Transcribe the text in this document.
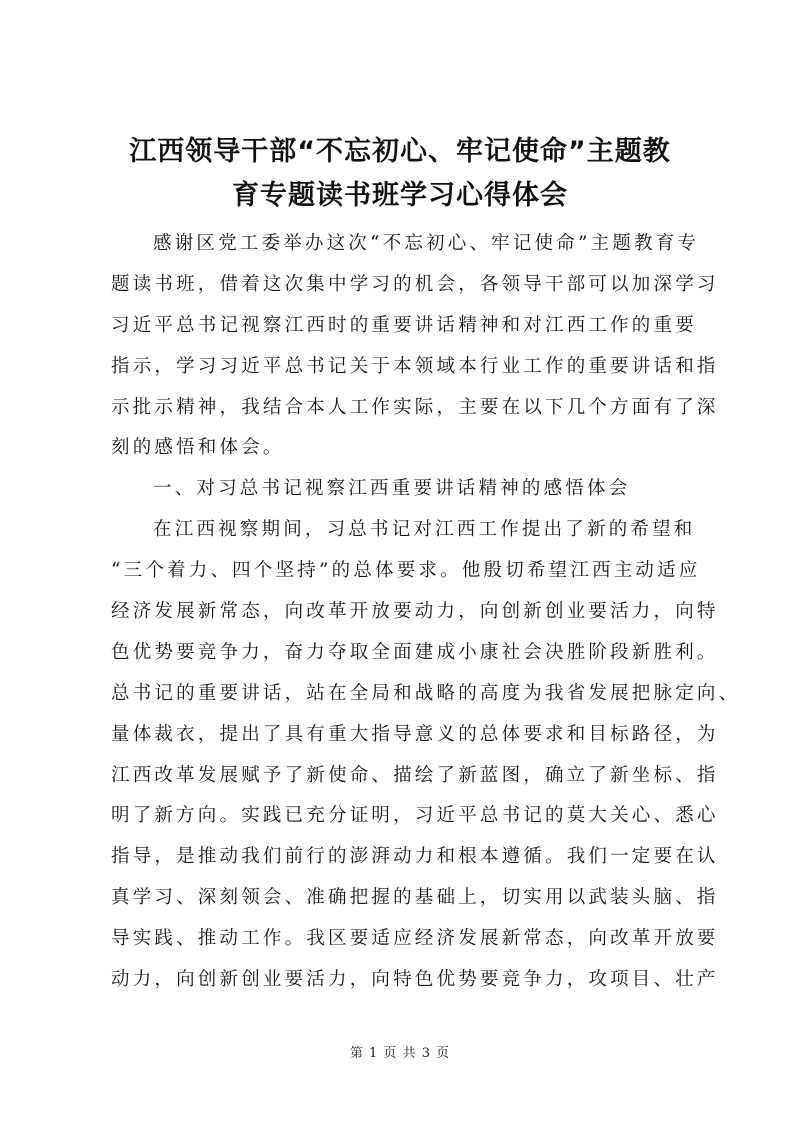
江西领导干部“不忘初心、牢记使命”主题教
育专题读书班学习心得体会
感谢区党工委举办这次“不忘初心、牢记使命”主题教育专
题读书班，借着这次集中学习的机会，各领导干部可以加深学习
习近平总书记视察江西时的重要讲话精神和对江西工作的重要
指示，学习习近平总书记关于本领域本行业工作的重要讲话和指
示批示精神，我结合本人工作实际，主要在以下几个方面有了深
刻的感悟和体会。
一、对习总书记视察江西重要讲话精神的感悟体会
在江西视察期间，习总书记对江西工作提出了新的希望和
“三个着力、四个坚持”的总体要求。他殷切希望江西主动适应
经济发展新常态，向改革开放要动力，向创新创业要活力，向特
色优势要竞争力，奋力夺取全面建成小康社会决胜阶段新胜利。
总书记的重要讲话，站在全局和战略的高度为我省发展把脉定向、
量体裁衣，提出了具有重大指导意义的总体要求和目标路径，为
江西改革发展赋予了新使命、描绘了新蓝图，确立了新坐标、指
明了新方向。实践已充分证明，习近平总书记的莫大关心、悉心
指导，是推动我们前行的澎湃动力和根本遵循。我们一定要在认
真学习、深刻领会、准确把握的基础上，切实用以武装头脑、指
导实践、推动工作。我区要适应经济发展新常态，向改革开放要
动力，向创新创业要活力，向特色优势要竞争力，攻项目、壮产
第 1 页 共 3 页
